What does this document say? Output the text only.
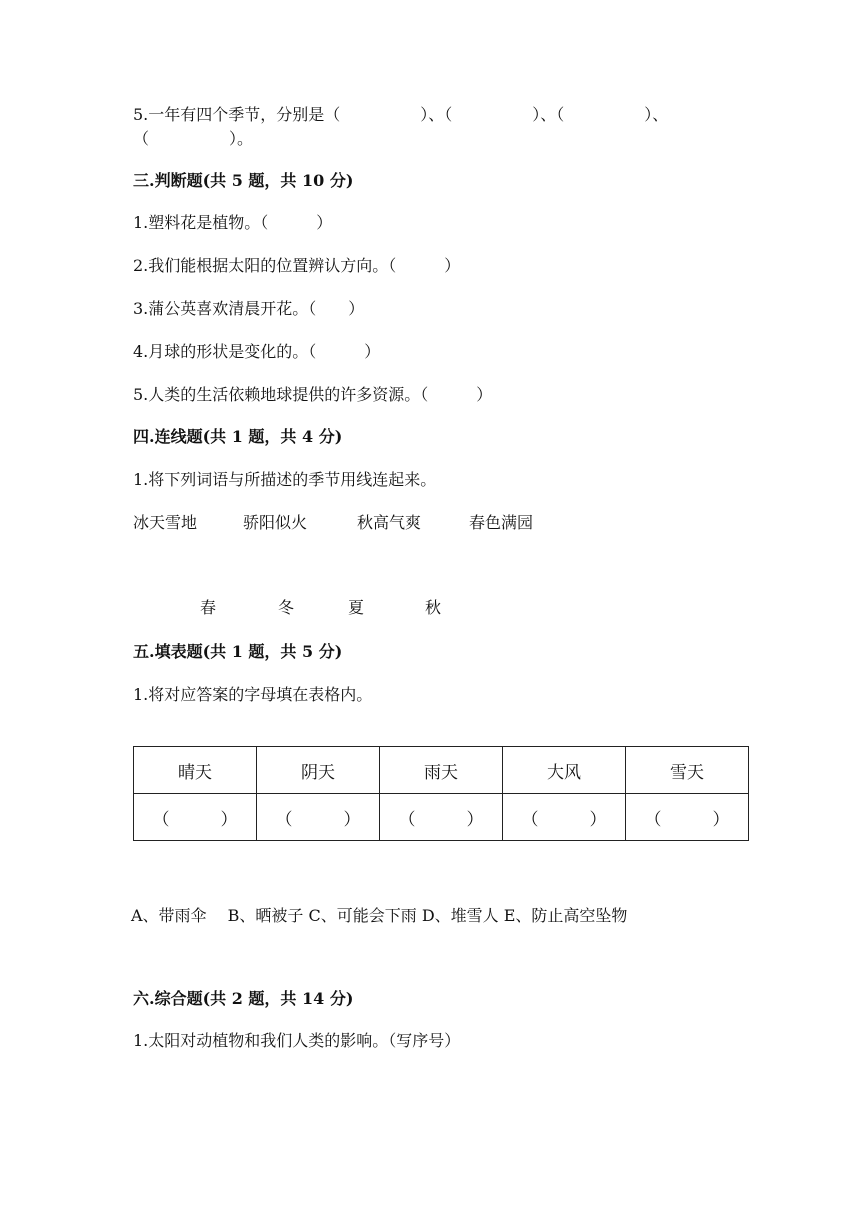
5.一年有四个季节，分别是（　　　　　）、（　　　　　）、（　　　　　）、

（　　　　　）。

三.判断题(共 5 题，共 10 分)

1.塑料花是植物。（　　　）

2.我们能根据太阳的位置辨认方向。（　　　）

3.蒲公英喜欢清晨开花。（　　）

4.月球的形状是变化的。（　　　）

5.人类的生活依赖地球提供的许多资源。（　　　）

四.连线题(共 1 题，共 4 分)

1.将下列词语与所描述的季节用线连起来。

冰天雪地	骄阳似火	秋高气爽	春色满园
春	冬	夏	秋

五.填表题(共 1 题，共 5 分)

1.将对应答案的字母填在表格内。

晴天	阴天	雨天	大风	雪天
（　　　）	（　　　）	（　　　）	（　　　）	（　　　）

A、带雨伞　 B、晒被子 C、可能会下雨 D、堆雪人 E、防止高空坠物

六.综合题(共 2 题，共 14 分)

1.太阳对动植物和我们人类的影响。（写序号）
